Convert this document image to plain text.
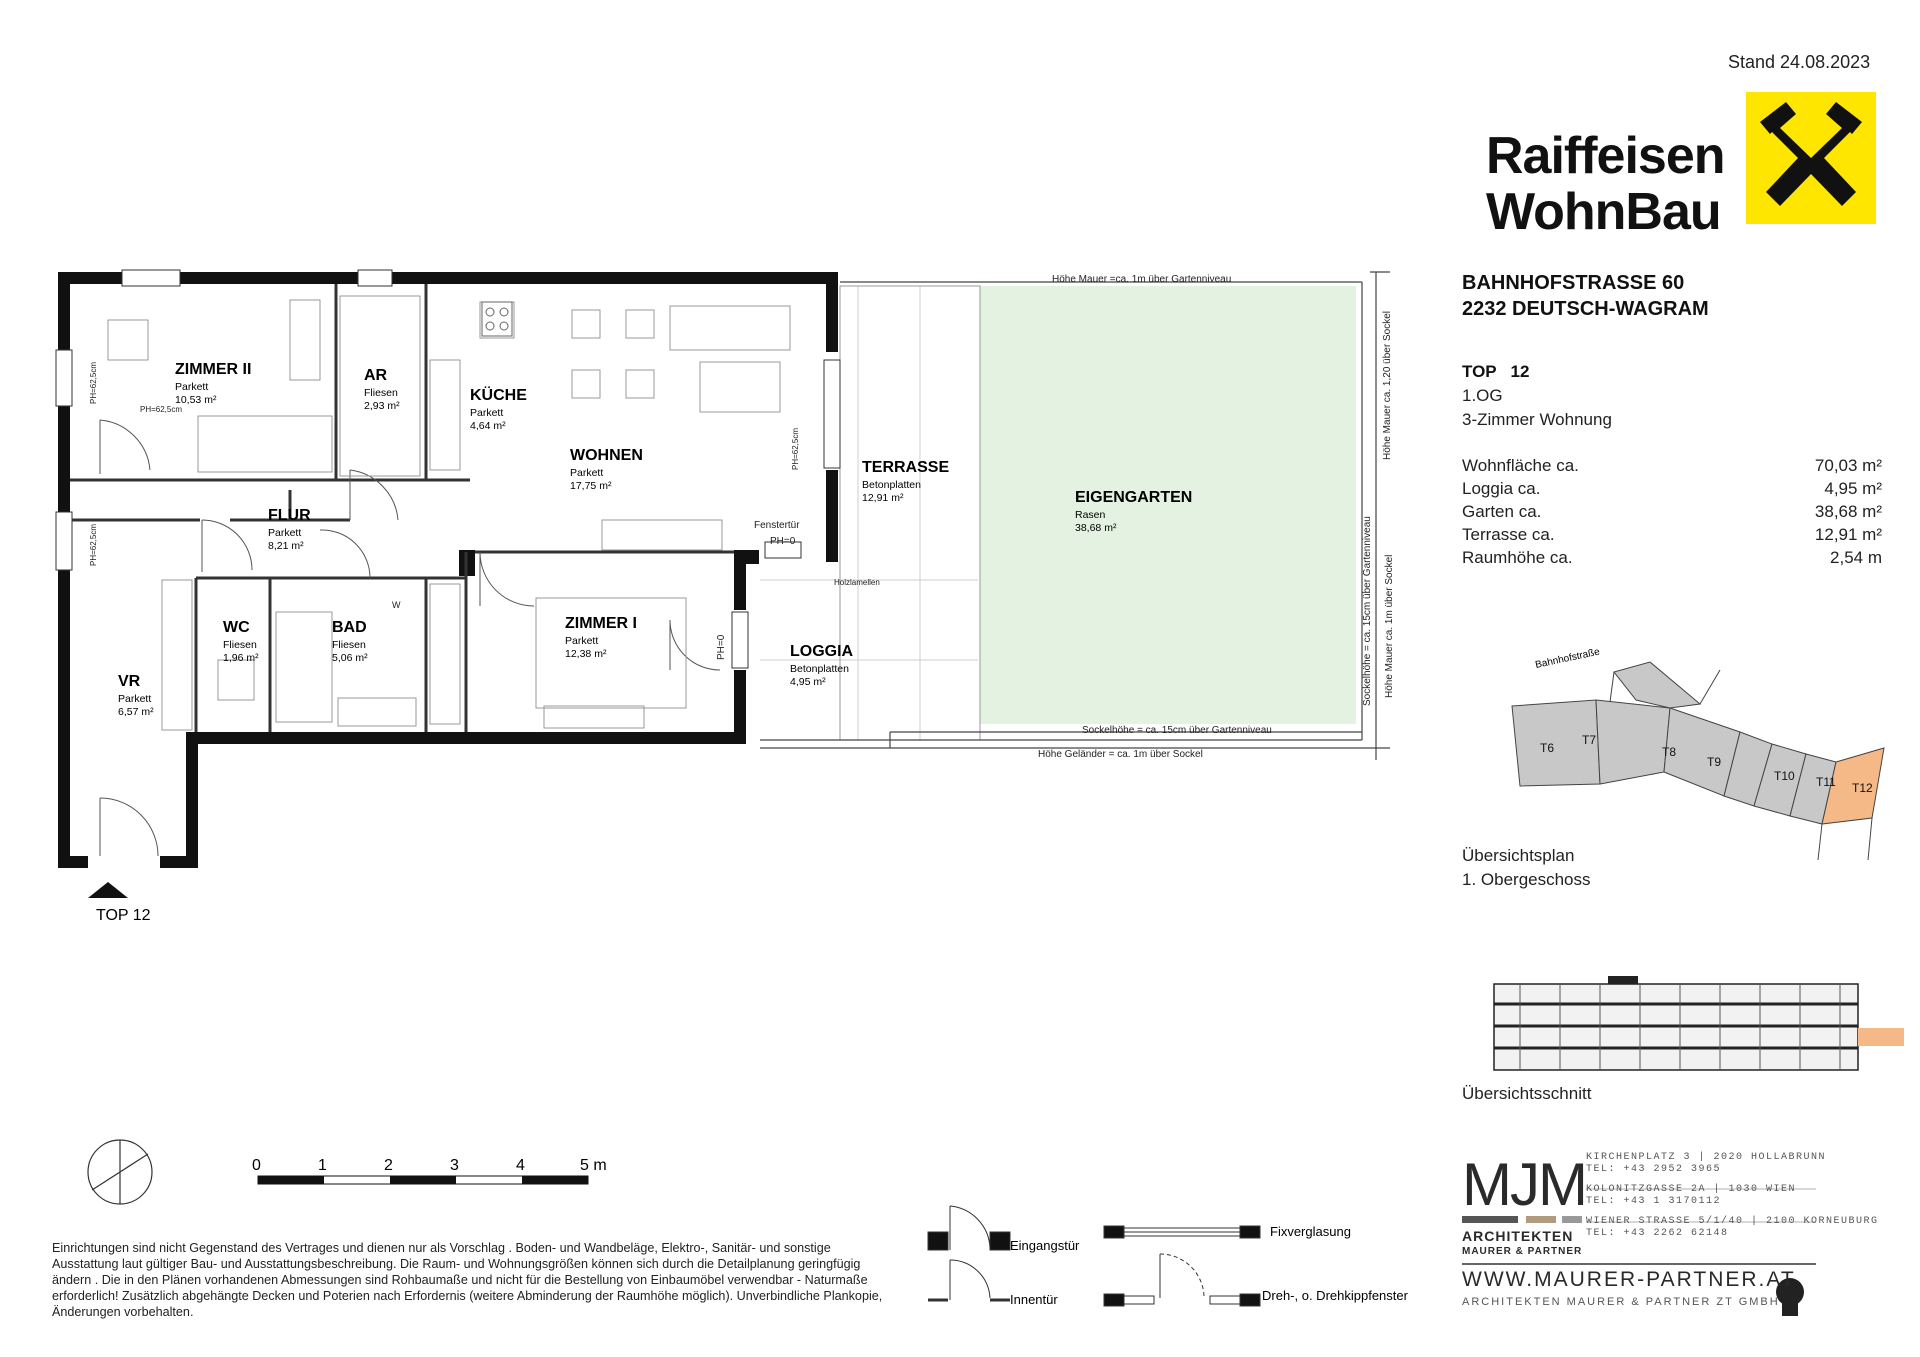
Stand 24.08.2023
Raiffeisen
WohnBau
BAHNHOFSTRASSE 60
2232 DEUTSCH-WAGRAM
TOP   12
1.OG
3-Zimmer Wohnung
Wohnfläche ca.	70,03 m²
Loggia ca.	4,95 m²
Garten ca.	38,68 m²
Terrasse ca.	12,91 m²
Raumhöhe ca.	2,54 m
ZIMMER II
Parkett
10,53 m²
AR
Fliesen
2,93 m²
KÜCHE
Parkett
4,64 m²
WOHNEN
Parkett
17,75 m²
FLUR
Parkett
8,21 m²
WC
Fliesen
1,96 m²
BAD
Fliesen
5,06 m²
ZIMMER I
Parkett
12,38 m²
VR
Parkett
6,57 m²
TERRASSE
Betonplatten
12,91 m²
LOGGIA
Betonplatten
4,95 m²
EIGENGARTEN
Rasen
38,68 m²
Höhe Mauer =ca. 1m über Gartenniveau
Sockelhöhe = ca. 15cm über Gartenniveau
Höhe Geländer = ca. 1m über Sockel
Höhe Mauer ca. 1,20 über Sockel
Sockelhöhe = ca. 15cm über Gartenniveau Höhe Mauer ca. 1m über Sockel
Fenstertür
PH=0
PH=0
PH=62,5cm
PH=62,5cm
PH=62,5cm
PH=62,5cm
Holzlamellen
W
TOP 12
0	1	2	3	4	5 m
Eingangstür
Innentür
Fixverglasung
Dreh-, o. Drehkippfenster
Bahnhofstraße
T6
T7
T8
T9
T10 T11 T12
Übersichtsplan
1. Obergeschoss
Übersichtsschnitt
Einrichtungen sind nicht Gegenstand des Vertrages und dienen nur als Vorschlag . Boden- und Wandbeläge, Elektro-, Sanitär- und sonstige Ausstattung laut gültiger Bau- und Ausstattungsbeschreibung. Die Raum- und Wohnungsgrößen können sich durch die Detailplanung geringfügig ändern . Die in den Plänen vorhandenen Abmessungen sind Rohbaumaße und nicht für die Bestellung von Einbaumöbel verwendbar - Naturmaße erforderlich! Zusätzlich abgehängte Decken und Poterien nach Erfordernis (weitere Abminderung der Raumhöhe möglich). Unverbindliche Plankopie, Änderungen vorbehalten.
MJM
ARCHITEKTEN
MAURER & PARTNER
KIRCHENPLATZ 3 | 2020 HOLLABRUNN
TEL: +43 2952 3965
KOLONITZGASSE 2A | 1030 WIEN
TEL: +43 1 3170112
WIENER STRASSE 5/1/40 | 2100 KORNEUBURG
TEL: +43 2262 62148
WWW.MAURER-PARTNER.AT
ARCHITEKTEN MAURER & PARTNER ZT GMBH
